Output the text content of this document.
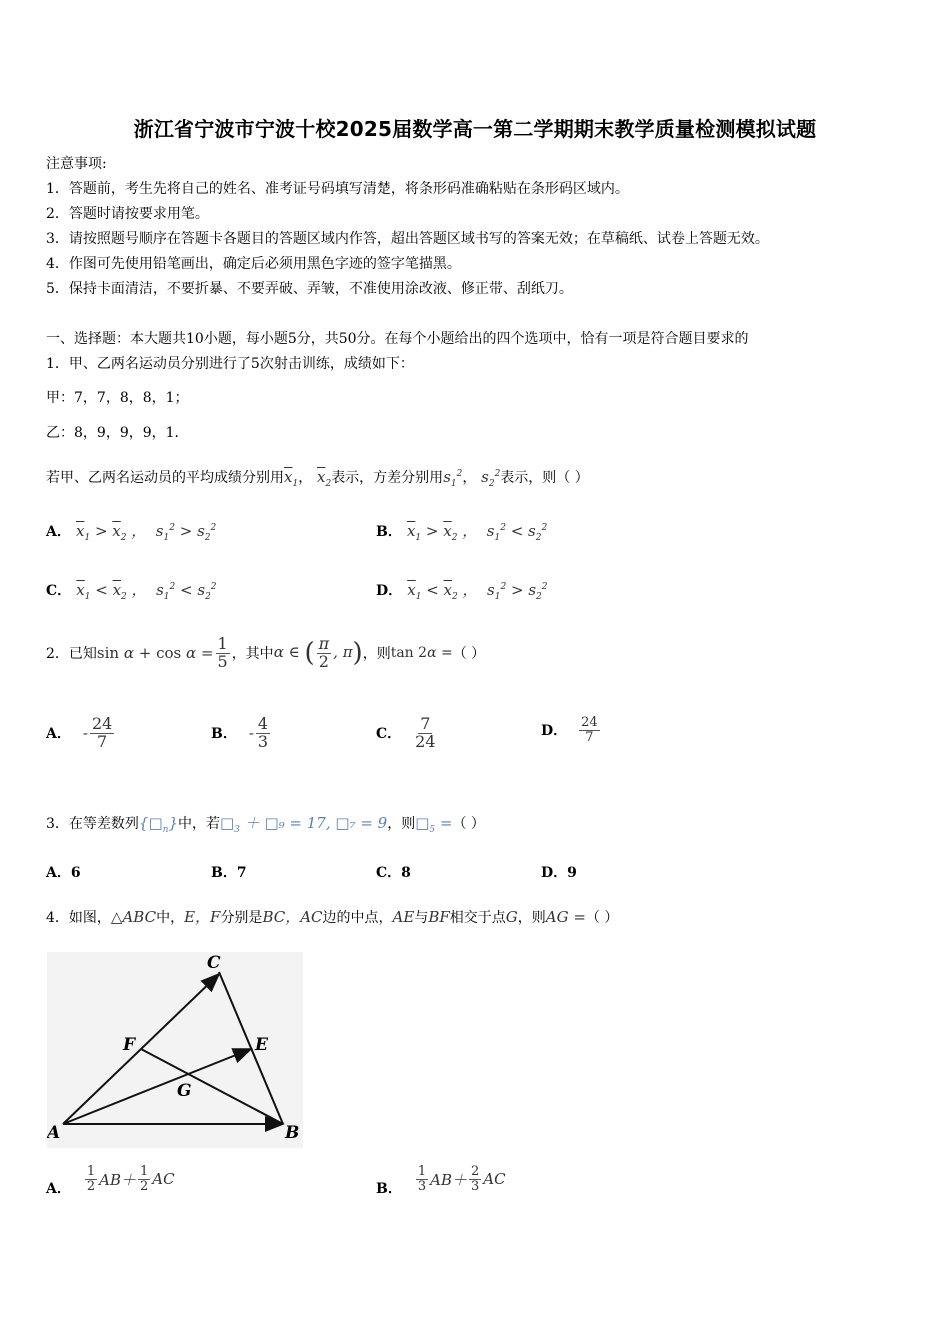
浙江省宁波市宁波十校2025届数学高一第二学期期末教学质量检测模拟试题
注意事项:
1．答题前，考生先将自己的姓名、准考证号码填写清楚，将条形码准确粘贴在条形码区域内。
2．答题时请按要求用笔。
3．请按照题号顺序在答题卡各题目的答题区域内作答，超出答题区域书写的答案无效；在草稿纸、试卷上答题无效。
4．作图可先使用铅笔画出，确定后必须用黑色字迹的签字笔描黑。
5．保持卡面清洁，不要折暴、不要弄破、弄皱，不准使用涂改液、修正带、刮纸刀。
一、选择题：本大题共10小题，每小题5分，共50分。在每个小题给出的四个选项中，恰有一项是符合题目要求的
1．甲、乙两名运动员分别进行了5次射击训练，成绩如下：
甲：7，7，8，8，1；
乙：8，9，9，9，1．
若甲、乙两名运动员的平均成绩分别用$\overline{x}_1$， $\overline{x}_2$表示，方差分别用$s_1^2$， $s_2^2$表示，则（ ）
A． $\overline{x}_1 > \overline{x}_2$ ，  $s_1^2 > s_2^2$	B． $\overline{x}_1 > \overline{x}_2$ ，  $s_1^2 < s_2^2$
C． $\overline{x}_1 < \overline{x}_2$ ，  $s_1^2 < s_2^2$	D． $\overline{x}_1 < \overline{x}_2$ ，  $s_1^2 > s_2^2$
2．已知 $\sin \alpha + \cos \alpha = \frac{1}{5}$ ，其中 α ∈ ( $\frac{\pi}{2}$ , π) ，则 tan 2α = （ ）
A． - $\frac{24}{7}$	B． - $\frac{4}{3}$	C． $\frac{7}{24}$	D． $\frac{24}{7}$
3．在等差数列$\{□_n\}$中，若$□_3$ ＋ □₉ = 17, □₇ = 9，则$□_5$ =（ ）
A．6	B．7	C．8	D．9
4．如图，△ABC中，E，F分别是BC，AC边的中点，AE与BF相交于点G，则AG =（ ）
C
F	E
G
A	B
A． $\frac{1}{2} AB+ \frac{1}{2}$ AC
B． $\frac{1}{3} AB+ \frac{2}{3}$ AC
